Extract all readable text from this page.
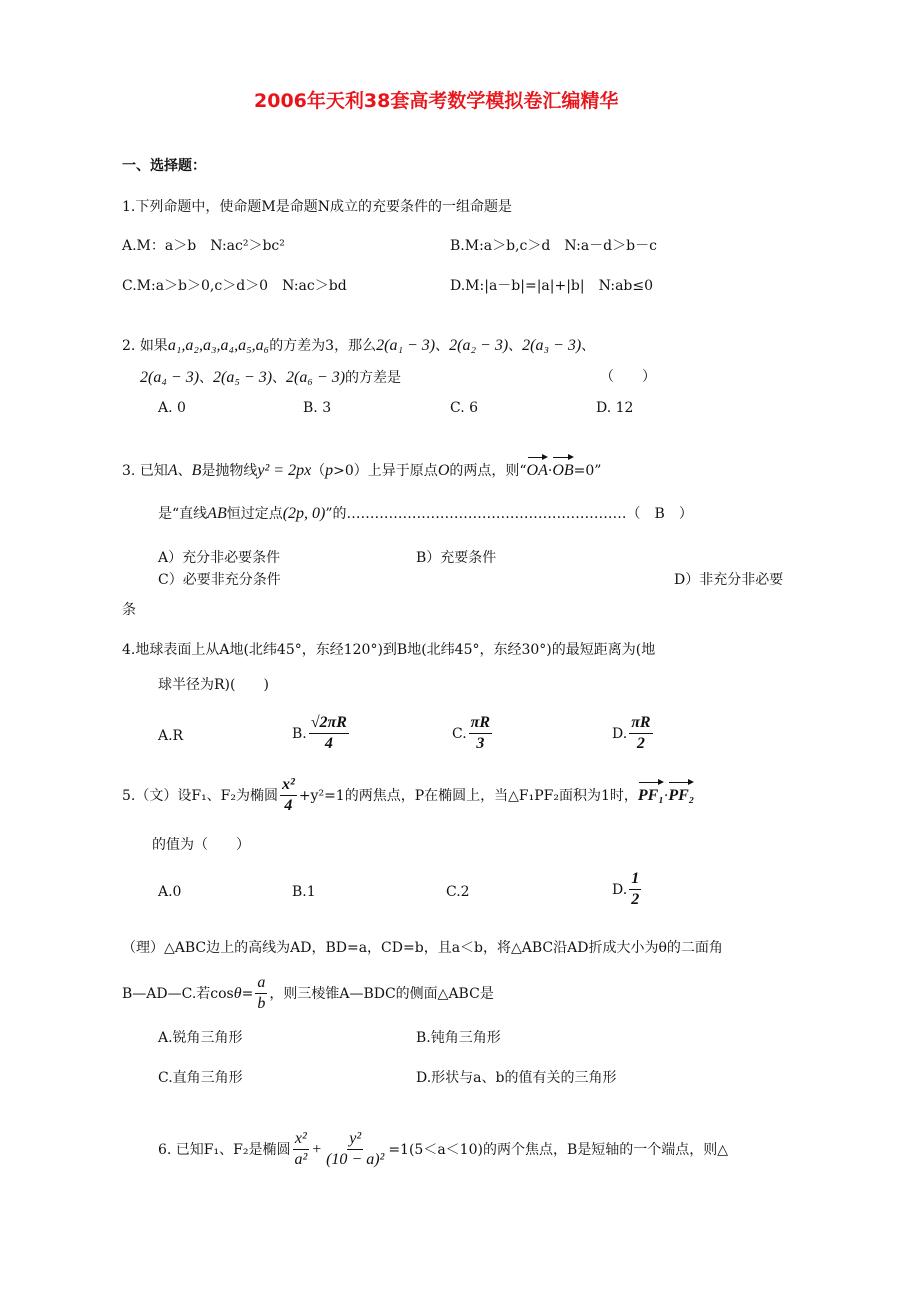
2006年天利38套高考数学模拟卷汇编精华
一、选择题：
1.下列命题中，使命题M是命题N成立的充要条件的一组命题是
A.M：a＞b　N:ac²＞bc²	B.M:a＞b,c＞d　N:a－d＞b－c
C.M:a＞b＞0,c＞d＞0　N:ac＞bd	D.M:|a－b|=|a|+|b|　N:ab≤0
2. 如果a₁,a₂,a₃,a₄,a₅,a₆的方差为3，那么2(a₁ − 3)、2(a₂ − 3)、2(a₃ − 3)、
2(a₄ − 3)、2(a₅ − 3)、2(a₆ − 3)的方差是	（　　）
A. 0	B. 3	C. 6	D. 12
3. 已知A、B是抛物线y² = 2px（p>0）上异于原点O的两点，则“OA·OB=0”
是“直线AB恒过定点(2p, 0)”的……………………………………………………（　B　）
A）充分非必要条件	B）充要条件
C）必要非充分条件	D）非充分非必要
条
4.地球表面上从A地(北纬45°，东经120°)到B地(北纬45°，东经30°)的最短距离为(地
球半径为R)(　　)
A.R	B. $\frac{√2\pi R}{4}$	C. $\frac{\pi R}{3}$	D. $\frac{\pi R}{2}$
5.（文）设F₁、F₂为椭圆 $\frac{\text{x²}}{4} +y^2=1$的两焦点，P在椭圆上，当△F₁PF₂面积为1时，PF₁·PF₂
的值为（　　）
A.0	B.1	C.2	D. $\frac{1}{2}$
（理）△ABC边上的高线为AD，BD=a，CD=b，且a＜b，将△ABC沿AD折成大小为θ的二面角
B—AD—C.若$\cos\theta= \frac{a}{b}$ ，则三棱锥A—BDC的侧面△ABC是
A.锐角三角形	B.钝角三角形
C.直角三角形	D.形状与a、b的值有关的三角形
6. 已知F₁、F₂是椭圆 $\frac{\text{x²}}{\text{a²}} + \frac{\text{y²}}{\text{(10 − a)²}} =1(5<a<10)$的两个焦点，B是短轴的一个端点，则△
